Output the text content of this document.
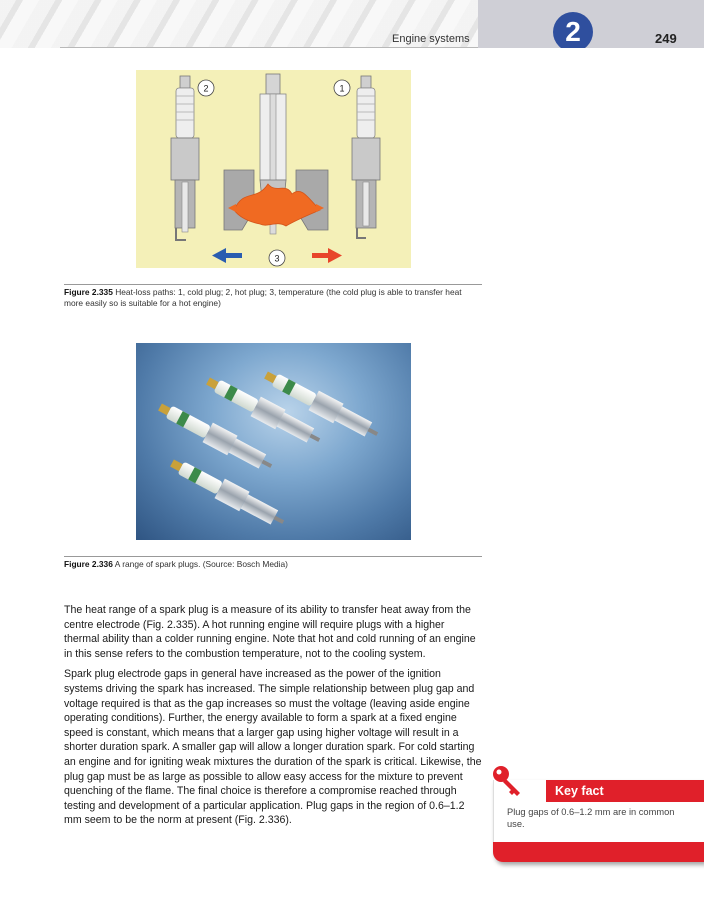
Engine systems	2	249
2	1
3
Figure 2.335 Heat-loss paths: 1, cold plug; 2, hot plug; 3, temperature (the cold plug is able to transfer heat more easily so is suitable for a hot engine)
Figure 2.336 A range of spark plugs. (Source: Bosch Media)

The heat range of a spark plug is a measure of its ability to transfer heat away from the centre electrode (Fig. 2.335). A hot running engine will require plugs with a higher thermal ability than a colder running engine. Note that hot and cold running of an engine in this sense refers to the combustion temperature, not to the cooling system.

Spark plug electrode gaps in general have increased as the power of the ignition systems driving the spark has increased. The simple relationship between plug gap and voltage required is that as the gap increases so must the voltage (leaving aside engine operating conditions). Further, the energy available to form a spark at a fixed engine speed is constant, which means that a larger gap using higher voltage will result in a shorter duration spark. A smaller gap will allow a longer duration spark. For cold starting an engine and for igniting weak mixtures the duration of the spark is critical. Likewise, the plug gap must be as large as possible to allow easy access for the mixture to prevent quenching of the flame. The final choice is therefore a compromise reached through testing and development of a particular application. Plug gaps in the region of 0.6–1.2 mm seem to be the norm at present (Fig. 2.336).

Key fact
Plug gaps of 0.6–1.2 mm are in common use.
